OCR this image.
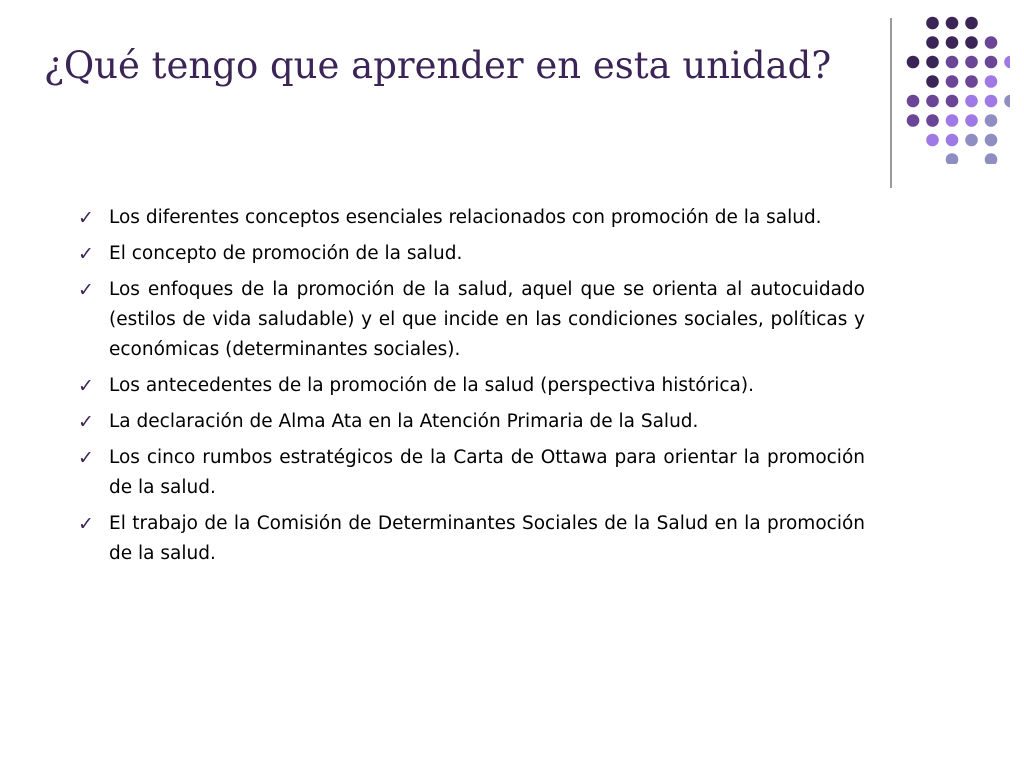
¿Qué tengo que aprender en esta unidad?
✓ Los diferentes conceptos esenciales relacionados con promoción de la salud.
✓ El concepto de promoción de la salud.
✓ Los enfoques de la promoción de la salud, aquel que se orienta al autocuidado (estilos de vida saludable) y el que incide en las condiciones sociales, políticas y económicas (determinantes sociales).
✓ Los antecedentes de la promoción de la salud (perspectiva histórica).
✓ La declaración de Alma Ata en la Atención Primaria de la Salud.
✓ Los cinco rumbos estratégicos de la Carta de Ottawa para orientar la promoción de la salud.
✓ El trabajo de la Comisión de Determinantes Sociales de la Salud en la promoción de la salud.
